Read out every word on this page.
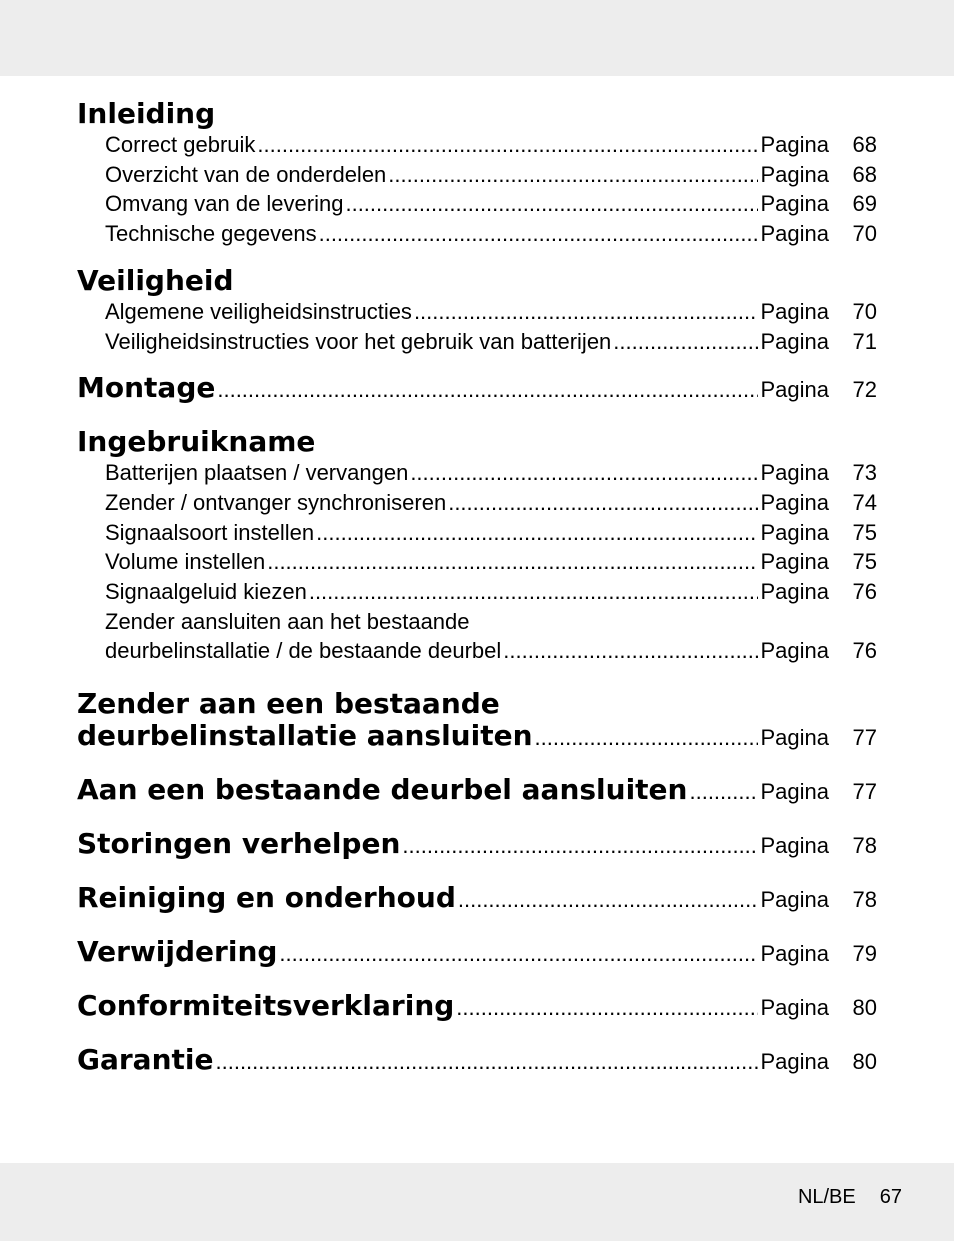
Inleiding
Correct gebruik .....	Pagina 68
Overzicht van de onderdelen .....	Pagina 68
Omvang van de levering .....	Pagina 69
Technische gegevens .....	Pagina 70
Veiligheid
Algemene veiligheidsinstructies .....	Pagina 70
Veiligheidsinstructies voor het gebruik van batterijen .....	Pagina 71
Montage .....	Pagina 72
Ingebruikname
Batterijen plaatsen / vervangen .....	Pagina 73
Zender / ontvanger synchroniseren .....	Pagina 74
Signaalsoort instellen .....	Pagina 75
Volume instellen .....	Pagina 75
Signaalgeluid kiezen .....	Pagina 76
Zender aansluiten aan het bestaande
deurbelinstallatie / de bestaande deurbel .....	Pagina 76
Zender aan een bestaande
deurbelinstallatie aansluiten .....	Pagina 77
Aan een bestaande deurbel aansluiten .....	Pagina 77
Storingen verhelpen .....	Pagina 78
Reiniging en onderhoud .....	Pagina 78
Verwijdering .....	Pagina 79
Conformiteitsverklaring .....	Pagina 80
Garantie .....	Pagina 80
NL/BE 67
